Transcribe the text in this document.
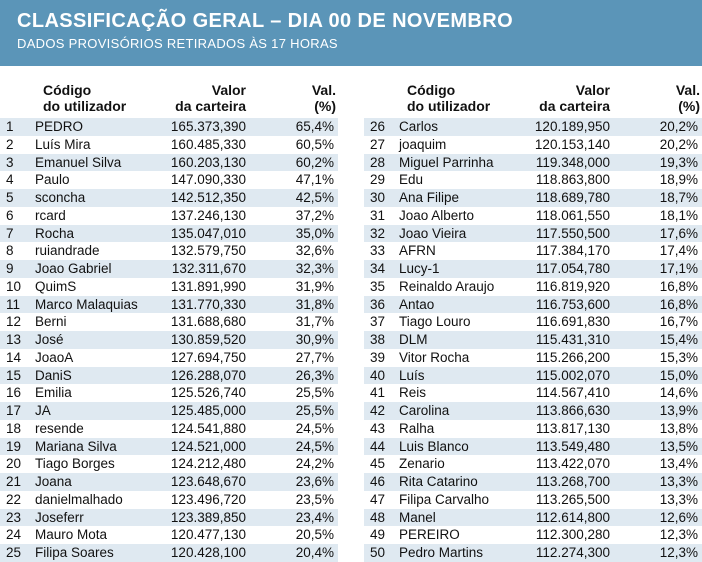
CLASSIFICAÇÃO GERAL – DIA 00 DE NOVEMBRO
DADOS PROVISÓRIOS RETIRADOS ÀS 17 HORAS
Código
do utilizador
Valor
da carteira
Val.
(%)
1 PEDRO	165.373,390	65,4%
2 Luís Mira	160.485,330	60,5%
3 Emanuel Silva	160.203,130	60,2%
4 Paulo	147.090,330	47,1%
5 sconcha	142.512,350	42,5%
6 rcard	137.246,130	37,2%
7 Rocha	135.047,010	35,0%
8 ruiandrade	132.579,750	32,6%
9 Joao Gabriel	132.311,670	32,3%
10 QuimS	131.891,990	31,9%
11 Marco Malaquias 131.770,330	31,8%
12 Berni	131.688,680	31,7%
13 José	130.859,520	30,9%
14 JoaoA	127.694,750	27,7%
15 DaniS	126.288,070	26,3%
16 Emilia	125.526,740	25,5%
17 JA	125.485,000	25,5%
18 resende	124.541,880	24,5%
19 Mariana Silva	124.521,000	24,5%
20 Tiago Borges	124.212,480	24,2%
21 Joana	123.648,670	23,6%
22 danielmalhado	123.496,720	23,5%
23 Joseferr	123.389,850	23,4%
24 Mauro Mota	120.477,130	20,5%
25 Filipa Soares	120.428,100	20,4%
Código
do utilizador
Valor
da carteira
Val.
(%)
26 Carlos	120.189,950	20,2%
27 joaquim	120.153,140	20,2%
28 Miguel Parrinha	119.348,000	19,3%
29 Edu	118.863,800	18,9%
30 Ana Filipe	118.689,780	18,7%
31 Joao Alberto	118.061,550	18,1%
32 Joao Vieira	117.550,500	17,6%
33 AFRN	117.384,170	17,4%
34 Lucy-1	117.054,780	17,1%
35 Reinaldo Araujo	116.819,920	16,8%
36 Antao	116.753,600	16,8%
37 Tiago Louro	116.691,830	16,7%
38 DLM	115.431,310	15,4%
39 Vitor Rocha	115.266,200	15,3%
40 Luís	115.002,070	15,0%
41 Reis	114.567,410	14,6%
42 Carolina	113.866,630	13,9%
43 Ralha	113.817,130	13,8%
44 Luis Blanco	113.549,480	13,5%
45 Zenario	113.422,070	13,4%
46 Rita Catarino	113.268,700	13,3%
47 Filipa Carvalho	113.265,500	13,3%
48 Manel	112.614,800	12,6%
49 PEREIRO	112.300,280	12,3%
50 Pedro Martins	112.274,300	12,3%
